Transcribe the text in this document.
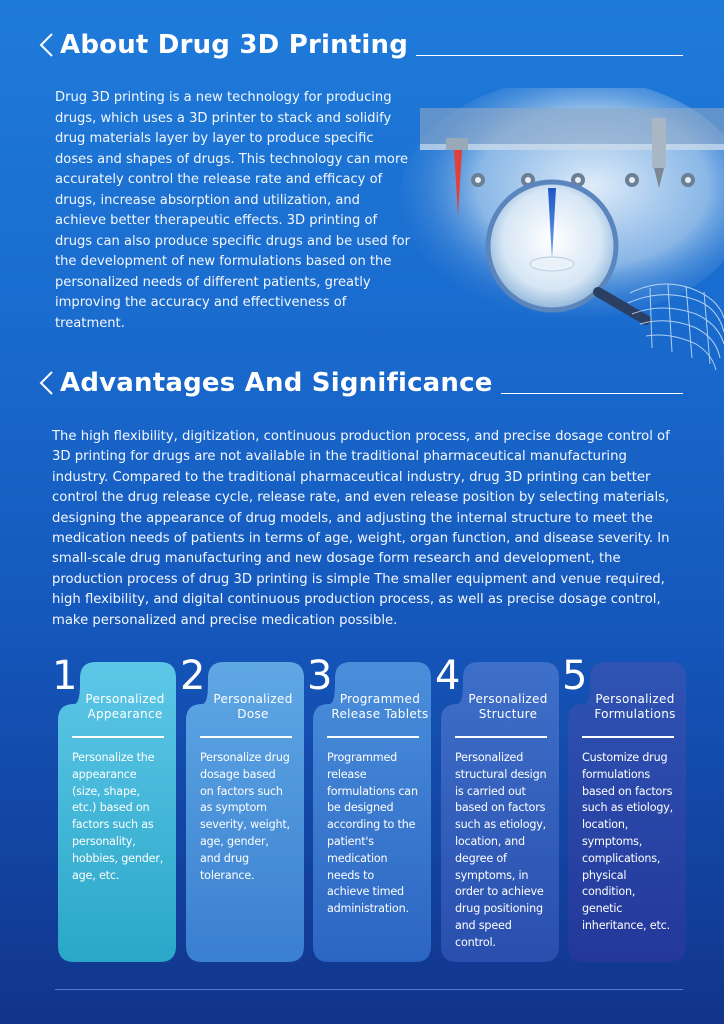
About Drug 3D Printing
Drug 3D printing is a new technology for producing drugs, which uses a 3D printer to stack and solidify drug materials layer by layer to produce specific doses and shapes of drugs. This technology can more accurately control the release rate and efficacy of drugs, increase absorption and utilization, and achieve better therapeutic effects. 3D printing of drugs can also produce specific drugs and be used for the development of new formulations based on the personalized needs of different patients, greatly improving the accuracy and effectiveness of treatment.
Advantages And Significance
The high flexibility, digitization, continuous production process, and precise dosage control of 3D printing for drugs are not available in the traditional pharmaceutical manufacturing industry. Compared to the traditional pharmaceutical industry, drug 3D printing can better control the drug release cycle, release rate, and even release position by selecting materials, designing the appearance of drug models, and adjusting the internal structure to meet the medication needs of patients in terms of age, weight, organ function, and disease severity. In small-scale drug manufacturing and new dosage form research and development, the production process of drug 3D printing is simple The smaller equipment and venue required, high flexibility, and digital continuous production process, as well as precise dosage control, make personalized and precise medication possible.
1 Personalized Appearance
Personalize the appearance (size, shape, etc.) based on factors such as personality, hobbies, gender, age, etc.
2 Personalized Dose
Personalize drug dosage based on factors such as symptom severity, weight, age, gender, and drug tolerance.
3 Programmed Release Tablets
Programmed release formulations can be designed according to the patient's medication needs to achieve timed administration.
4 Personalized Structure
Personalized structural design is carried out based on factors such as etiology, location, and degree of symptoms, in order to achieve drug positioning and speed control.
5 Personalized Formulations
Customize drug formulations based on factors such as etiology, location, symptoms, complications, physical condition, genetic inheritance, etc.
